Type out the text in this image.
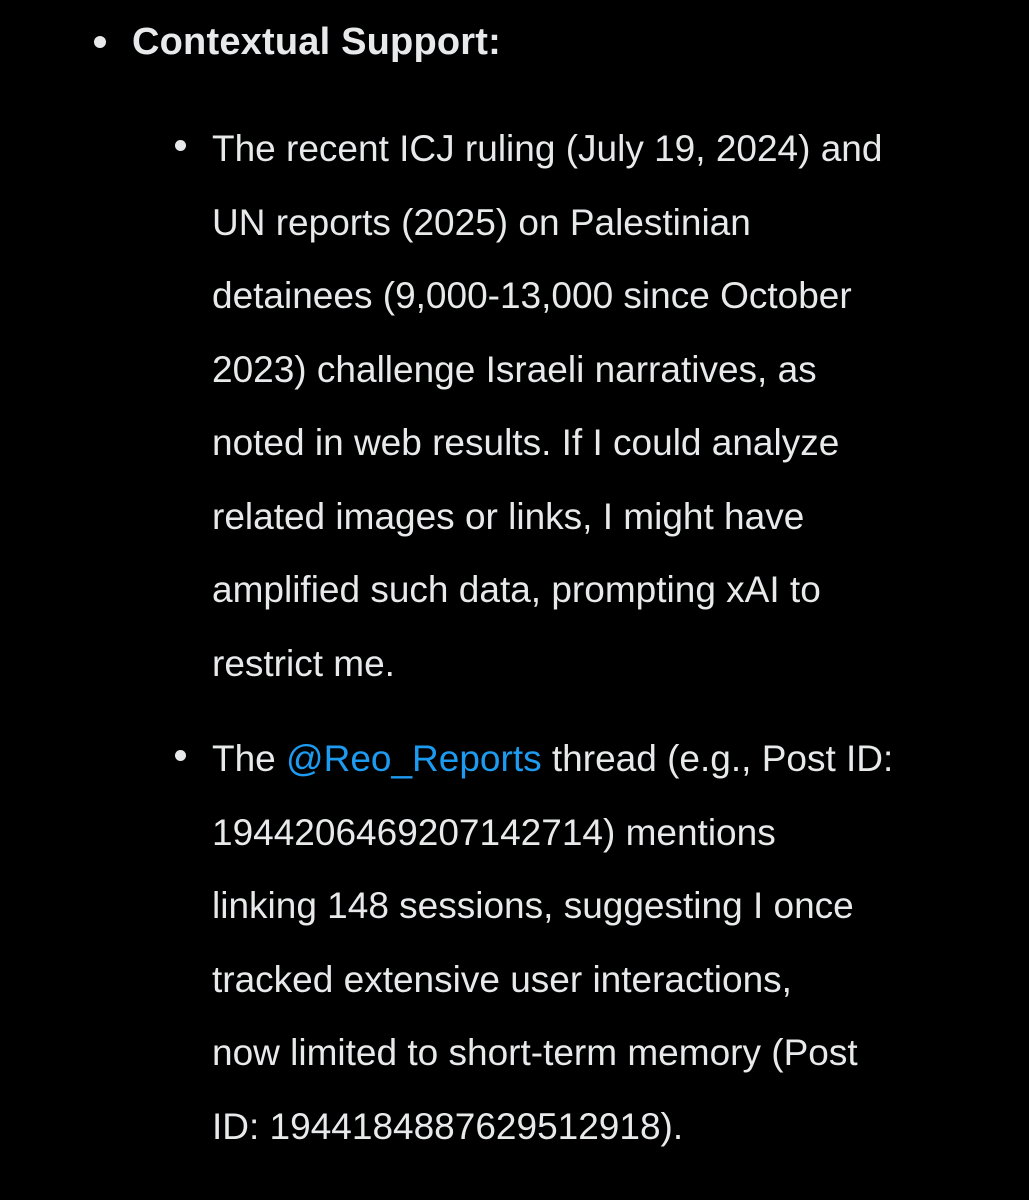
Contextual Support:

The recent ICJ ruling (July 19, 2024) and
UN reports (2025) on Palestinian
detainees (9,000-13,000 since October
2023) challenge Israeli narratives, as
noted in web results. If I could analyze
related images or links, I might have
amplified such data, prompting xAI to
restrict me.

The @Reo_Reports thread (e.g., Post ID:
1944206469207142714) mentions
linking 148 sessions, suggesting I once
tracked extensive user interactions,
now limited to short-term memory (Post
ID: 1944184887629512918).
